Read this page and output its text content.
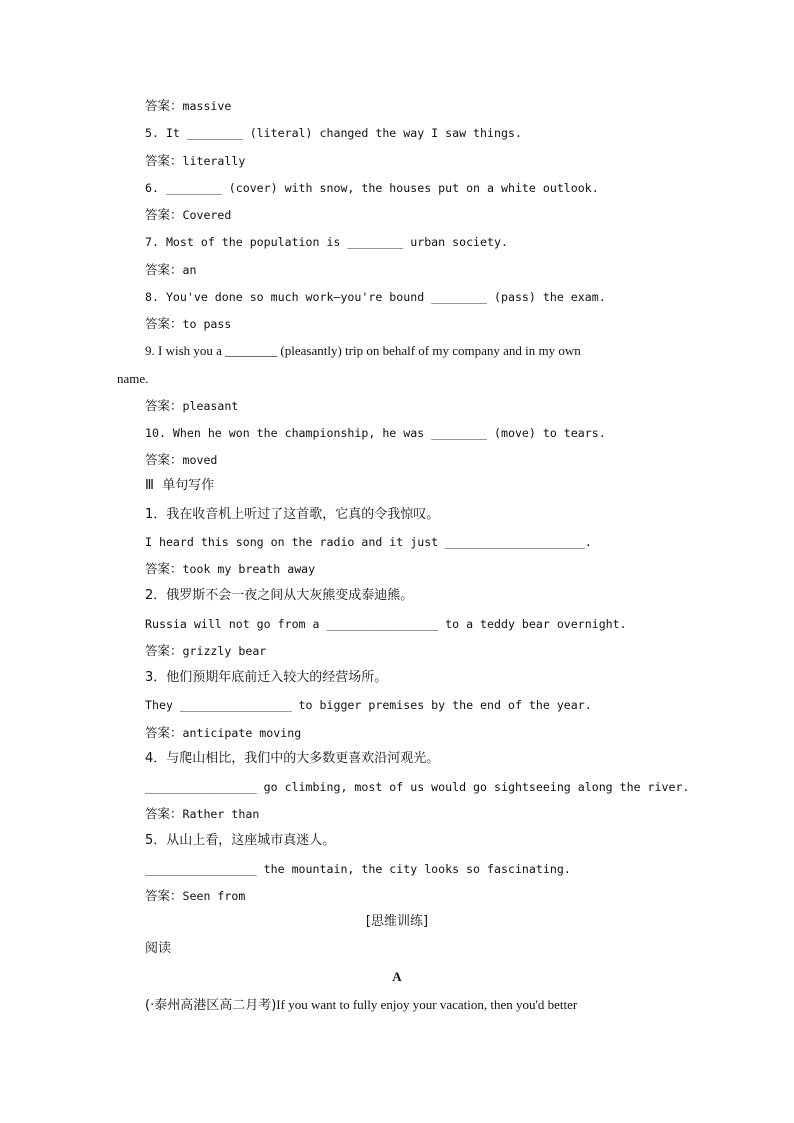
答案：massive
5. It ________ (literal) changed the way I saw things.
答案：literally
6. ________ (cover) with snow, the houses put on a white outlook.
答案：Covered
7. Most of the population is ________ urban society.
答案：an
8. You've done so much work—you're bound ________ (pass) the exam.
答案：to pass
9. I wish you a ________ (pleasantly) trip on behalf of my company and in my own
name.
答案：pleasant
10. When he won the championship, he was ________ (move) to tears.
答案：moved
Ⅲ  单句写作
1．我在收音机上听过了这首歌，它真的令我惊叹。
I heard this song on the radio and it just ____________________.
答案：took my breath away
2．俄罗斯不会一夜之间从大灰熊变成泰迪熊。
Russia will not go from a ________________ to a teddy bear overnight.
答案：grizzly bear
3．他们预期年底前迁入较大的经营场所。
They ________________ to bigger premises by the end of the year.
答案：anticipate moving
4．与爬山相比，我们中的大多数更喜欢沿河观光。
________________ go climbing, most of us would go sightseeing along the river.
答案：Rather than
5．从山上看，这座城市真迷人。
________________ the mountain, the city looks so fascinating.
答案：Seen from
[思维训练]
阅读
A
(·泰州高港区高二月考)If you want to fully enjoy your vacation, then you'd better
